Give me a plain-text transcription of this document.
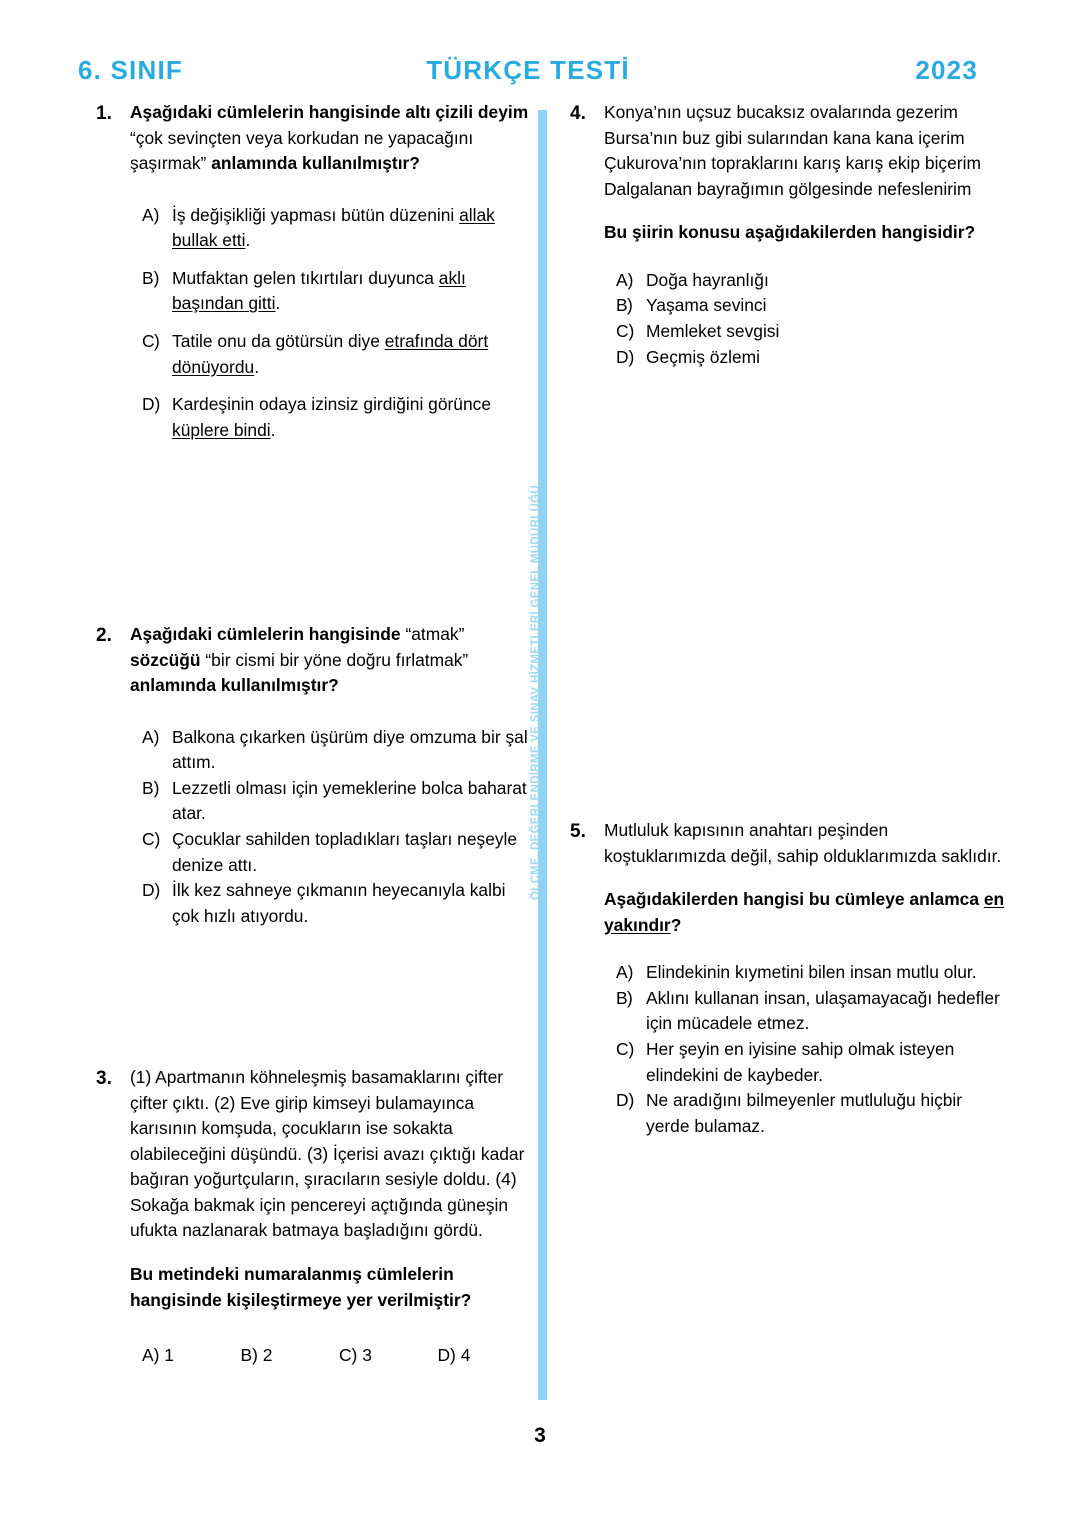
6. SINIF	TÜRKÇE TESTİ	2023
ÖLÇME, DEĞERLENDİRME VE SINAV HİZMETLERİ GENEL MÜDÜRLÜĞÜ
1.	Aşağıdaki cümlelerin hangisinde altı çizili deyim “çok sevinçten veya korkudan ne yapacağını şaşırmak” anlamında kullanılmıştır?

A) İş değişikliği yapması bütün düzenini allak bullak etti.
B) Mutfaktan gelen tıkırtıları duyunca aklı başından gitti.
C) Tatile onu da götürsün diye etrafında dört dönüyordu.
D) Kardeşinin odaya izinsiz girdiğini görünce küplere bindi.
2.	Aşağıdaki cümlelerin hangisinde “atmak” sözcüğü “bir cismi bir yöne doğru fırlatmak” anlamında kullanılmıştır?

A) Balkona çıkarken üşürüm diye omzuma bir şal attım.
B) Lezzetli olması için yemeklerine bolca baharat atar.
C) Çocuklar sahilden topladıkları taşları neşeyle denize attı.
D) İlk kez sahneye çıkmanın heyecanıyla kalbi çok hızlı atıyordu.
3.	(1) Apartmanın köhneleşmiş basamaklarını çifter çifter çıktı. (2) Eve girip kimseyi bulamayınca karısının komşuda, çocukların ise sokakta olabileceğini düşündü. (3) İçerisi avazı çıktığı kadar bağıran yoğurtçuların, şıracıların sesiyle doldu. (4) Sokağa bakmak için pencereyi açtığında güneşin ufukta nazlanarak batmaya başladığını gördü.

Bu metindeki numaralanmış cümlelerin hangisinde kişileştirmeye yer verilmiştir?

A) 1	B) 2	C) 3	D) 4
4.	Konya’nın uçsuz bucaksız ovalarında gezerim
Bursa’nın buz gibi sularından kana kana içerim
Çukurova’nın topraklarını karış karış ekip biçerim
Dalgalanan bayrağımın gölgesinde nefeslenirim

Bu şiirin konusu aşağıdakilerden hangisidir?

A) Doğa hayranlığı
B) Yaşama sevinci
C) Memleket sevgisi
D) Geçmiş özlemi
5.	Mutluluk kapısının anahtarı peşinden koştuklarımızda değil, sahip olduklarımızda saklıdır.

Aşağıdakilerden hangisi bu cümleye anlamca en yakındır?

A) Elindekinin kıymetini bilen insan mutlu olur.
B) Aklını kullanan insan, ulaşamayacağı hedefler için mücadele etmez.
C) Her şeyin en iyisine sahip olmak isteyen elindekini de kaybeder.
D) Ne aradığını bilmeyenler mutluluğu hiçbir yerde bulamaz.
3
